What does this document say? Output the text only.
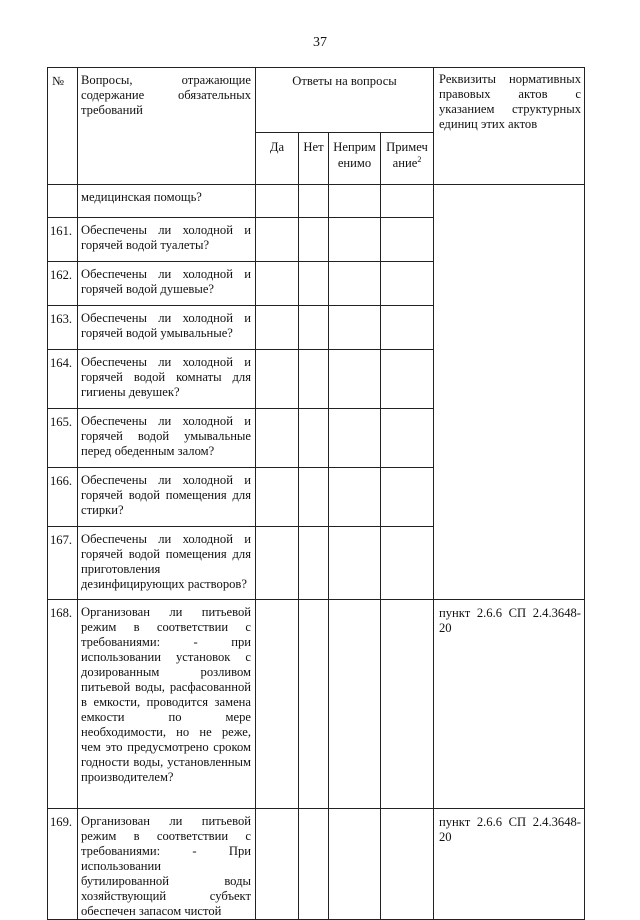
37
№	Вопросы, отражающие содержание обязательных требований	Ответы на вопросы				Реквизиты нормативных правовых актов с указанием структурных единиц этих актов
		Да	Нет	Неприм енимо	Примеч ание$^2$	
	медицинская помощь?					
161.	Обеспечены ли холодной и горячей водой туалеты?					
162.	Обеспечены ли холодной и горячей водой душевые?					
163.	Обеспечены ли холодной и горячей водой умывальные?					
164.	Обеспечены ли холодной и горячей водой комнаты для гигиены девушек?					
165.	Обеспечены ли холодной и горячей водой умывальные перед обеденным залом?					
166.	Обеспечены ли холодной и горячей водой помещения для стирки?					
167.	Обеспечены ли холодной и горячей водой помещения для приготовления дезинфицирующих растворов?					
168.	Организован ли питьевой режим в соответствии с требованиями: - при использовании установок с дозированным розливом питьевой воды, расфасованной в емкости, проводится замена емкости по мере необходимости, но не реже, чем это предусмотрено сроком годности воды, установленным производителем?					пункт 2.6.6 СП 2.4.3648-20
169.	Организован ли питьевой режим в соответствии с требованиями: - При использовании бутилированной воды хозяйствующий субъект обеспечен запасом чистой					пункт 2.6.6 СП 2.4.3648-20
